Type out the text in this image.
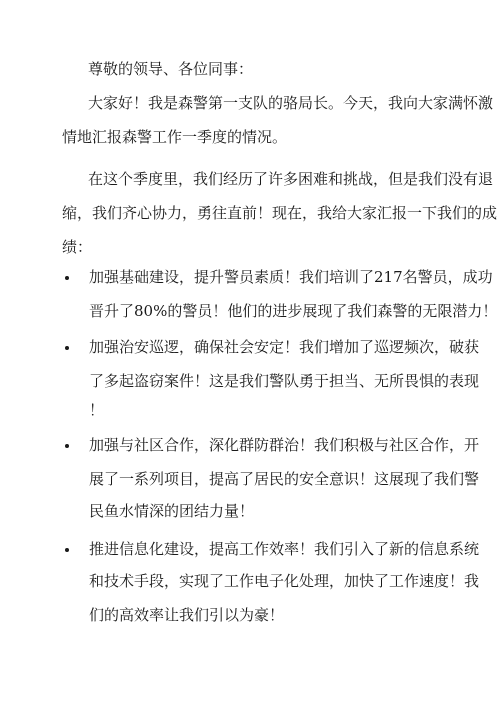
尊敬的领导、各位同事：
大家好！我是森警第一支队的骆局长。今天，我向大家满怀激
情地汇报森警工作一季度的情况。
在这个季度里，我们经历了许多困难和挑战，但是我们没有退
缩，我们齐心协力，勇往直前！现在，我给大家汇报一下我们的成
绩：
加强基础建设，提升警员素质！我们培训了217名警员，成功
晋升了80%的警员！他们的进步展现了我们森警的无限潜力！
加强治安巡逻，确保社会安定！我们增加了巡逻频次，破获
了多起盗窃案件！这是我们警队勇于担当、无所畏惧的表现
！
加强与社区合作，深化群防群治！我们积极与社区合作，开
展了一系列项目，提高了居民的安全意识！这展现了我们警
民鱼水情深的团结力量！
推进信息化建设，提高工作效率！我们引入了新的信息系统
和技术手段，实现了工作电子化处理，加快了工作速度！我
们的高效率让我们引以为豪！
